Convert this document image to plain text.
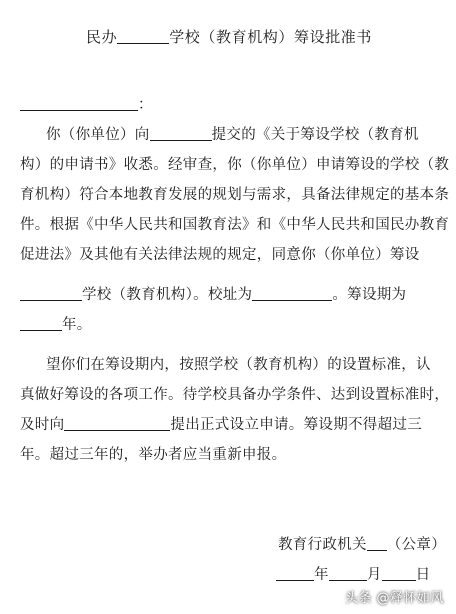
民办	学校（教育机构）筹设批准书
：
你（你单位）向	提交的《关于筹设学校（教育机
构）的申请书》收悉。经审查，你（你单位）申请筹设的学校（教
育机构）符合本地教育发展的规划与需求，具备法律规定的基本条
件。根据《中华人民共和国教育法》和《中华人民共和国民办教育
促进法》及其他有关法律法规的规定，同意你（你单位）筹设
学校（教育机构）。校址为	。筹设期为
年。
望你们在筹设期内，按照学校（教育机构）的设置标准，认
真做好筹设的各项工作。待学校具备办学条件、达到设置标准时，
及时向	提出正式设立申请。筹设期不得超过三
年。超过三年的，举办者应当重新申报。
教育行政机关 （公章）
年	月 日
头条 @释怀如风
